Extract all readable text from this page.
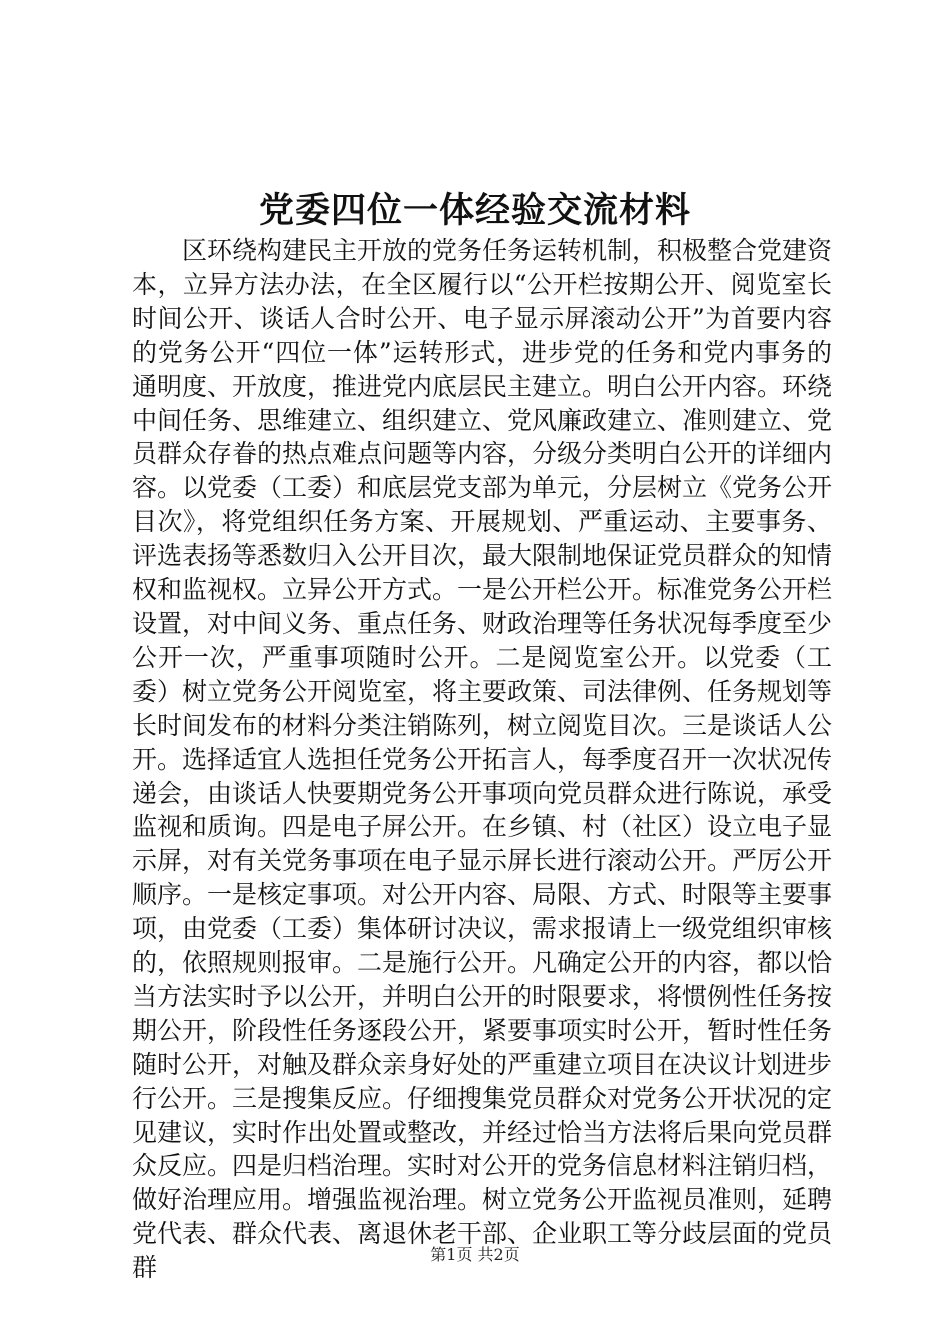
党委四位一体经验交流材料

区环绕构建民主开放的党务任务运转机制，积极整合党建资本，立异方法办法，在全区履行以“公开栏按期公开、阅览室长时间公开、谈话人合时公开、电子显示屏滚动公开”为首要内容的党务公开“四位一体”运转形式，进步党的任务和党内事务的通明度、开放度，推进党内底层民主建立。明白公开内容。环绕中间任务、思维建立、组织建立、党风廉政建立、准则建立、党员群众存眷的热点难点问题等内容，分级分类明白公开的详细内容。以党委（工委）和底层党支部为单元，分层树立《党务公开目次》，将党组织任务方案、开展规划、严重运动、主要事务、评选表扬等悉数归入公开目次，最大限制地保证党员群众的知情权和监视权。立异公开方式。一是公开栏公开。标准党务公开栏设置，对中间义务、重点任务、财政治理等任务状况每季度至少公开一次，严重事项随时公开。二是阅览室公开。以党委（工委）树立党务公开阅览室，将主要政策、司法律例、任务规划等长时间发布的材料分类注销陈列，树立阅览目次。三是谈话人公开。选择适宜人选担任党务公开拓言人，每季度召开一次状况传递会，由谈话人快要期党务公开事项向党员群众进行陈说，承受监视和质询。四是电子屏公开。在乡镇、村（社区）设立电子显示屏，对有关党务事项在电子显示屏长进行滚动公开。严厉公开顺序。一是核定事项。对公开内容、局限、方式、时限等主要事项，由党委（工委）集体研讨决议，需求报请上一级党组织审核的，依照规则报审。二是施行公开。凡确定公开的内容，都以恰当方法实时予以公开，并明白公开的时限要求，将惯例性任务按期公开，阶段性任务逐段公开，紧要事项实时公开，暂时性任务随时公开，对触及群众亲身好处的严重建立项目在决议计划进步行公开。三是搜集反应。仔细搜集党员群众对党务公开状况的定见建议，实时作出处置或整改，并经过恰当方法将后果向党员群众反应。四是归档治理。实时对公开的党务信息材料注销归档，做好治理应用。增强监视治理。树立党务公开监视员准则，延聘党代表、群众代表、离退休老干部、企业职工等分歧层面的党员群	第1页 共2页
